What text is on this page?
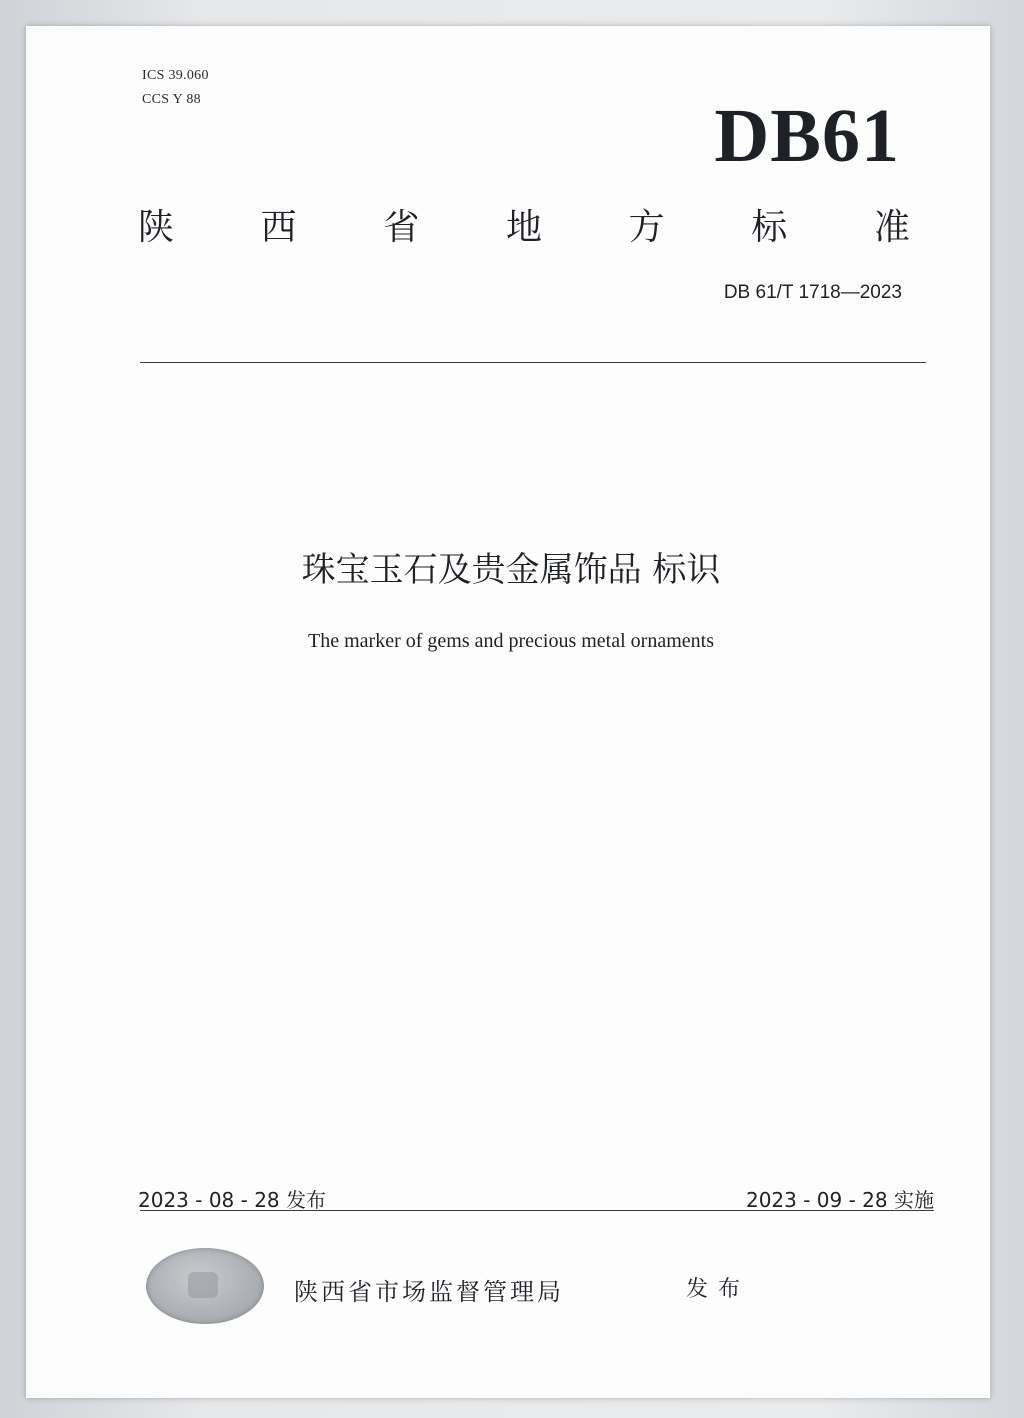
ICS 39.060
CCS Y 88	DB61
陕 西 省 地 方 标 准
DB 61/T 1718—2023
珠宝玉石及贵金属饰品 标识
The marker of gems and precious metal ornaments
2023 - 08 - 28 发布	2023 - 09 - 28 实施
陕西省市场监督管理局	发布
